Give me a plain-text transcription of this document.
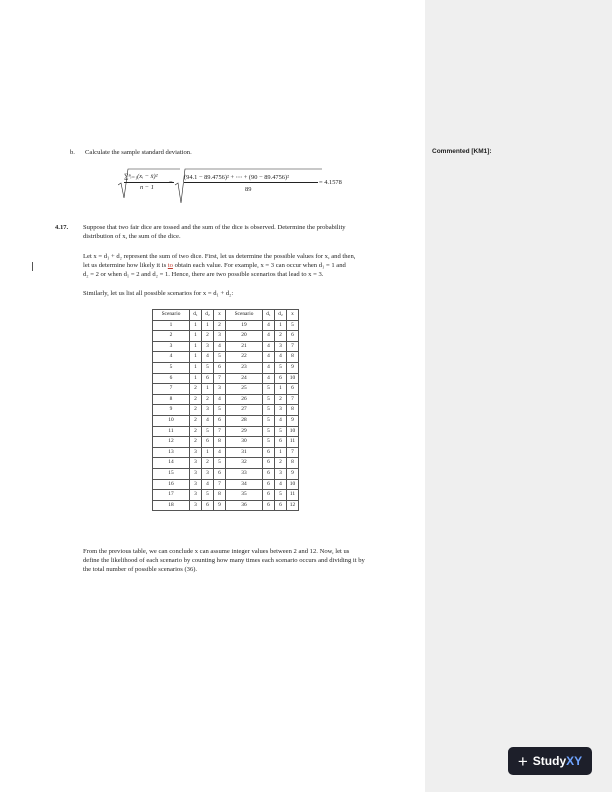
Commented [KM1]:
b. Calculate the sample standard deviation.
∑ⁿᵢ₌₁(xᵢ − x̄)²
n − 1
=
(94.1 − 89.4756)² + ⋯ + (90 − 89.4756)²
89
= 4.1578
4.17. Suppose that two fair dice are tossed and the sum of the dice is observed. Determine the probability
distribution of x, the sum of the dice.
Let x = d₁ + d₂ represent the sum of two dice. First, let us determine the possible values for x, and then,
let us determine how likely it is to obtain each value. For example, x = 3 can occur when d₁ = 1 and
d₂ = 2 or when d₁ = 2 and d₂ = 1. Hence, there are two possible scenarios that lead to x = 3.
Similarly, let us list all possible scenarios for x = d₁ + d₂:
Scenario	d₁	d₂	x	Scenario	d₁	d₂	x
1	1	1	2	19	4	1	5
2	1	2	3	20	4	2	6
3	1	3	4	21	4	3	7
4	1	4	5	22	4	4	8
5	1	5	6	23	4	5	9
6	1	6	7	24	4	6	10
7	2	1	3	25	5	1	6
8	2	2	4	26	5	2	7
9	2	3	5	27	5	3	8
10	2	4	6	28	5	4	9
11	2	5	7	29	5	5	10
12	2	6	8	30	5	6	11
13	3	1	4	31	6	1	7
14	3	2	5	32	6	2	8
15	3	3	6	33	6	3	9
16	3	4	7	34	6	4	10
17	3	5	8	35	6	5	11
18	3	6	9	36	6	6	12
From the previous table, we can conclude x can assume integer values between 2 and 12. Now, let us
define the likelihood of each scenario by counting how many times each scenario occurs and dividing it by
the total number of possible scenarios (36).
+ Study XY
